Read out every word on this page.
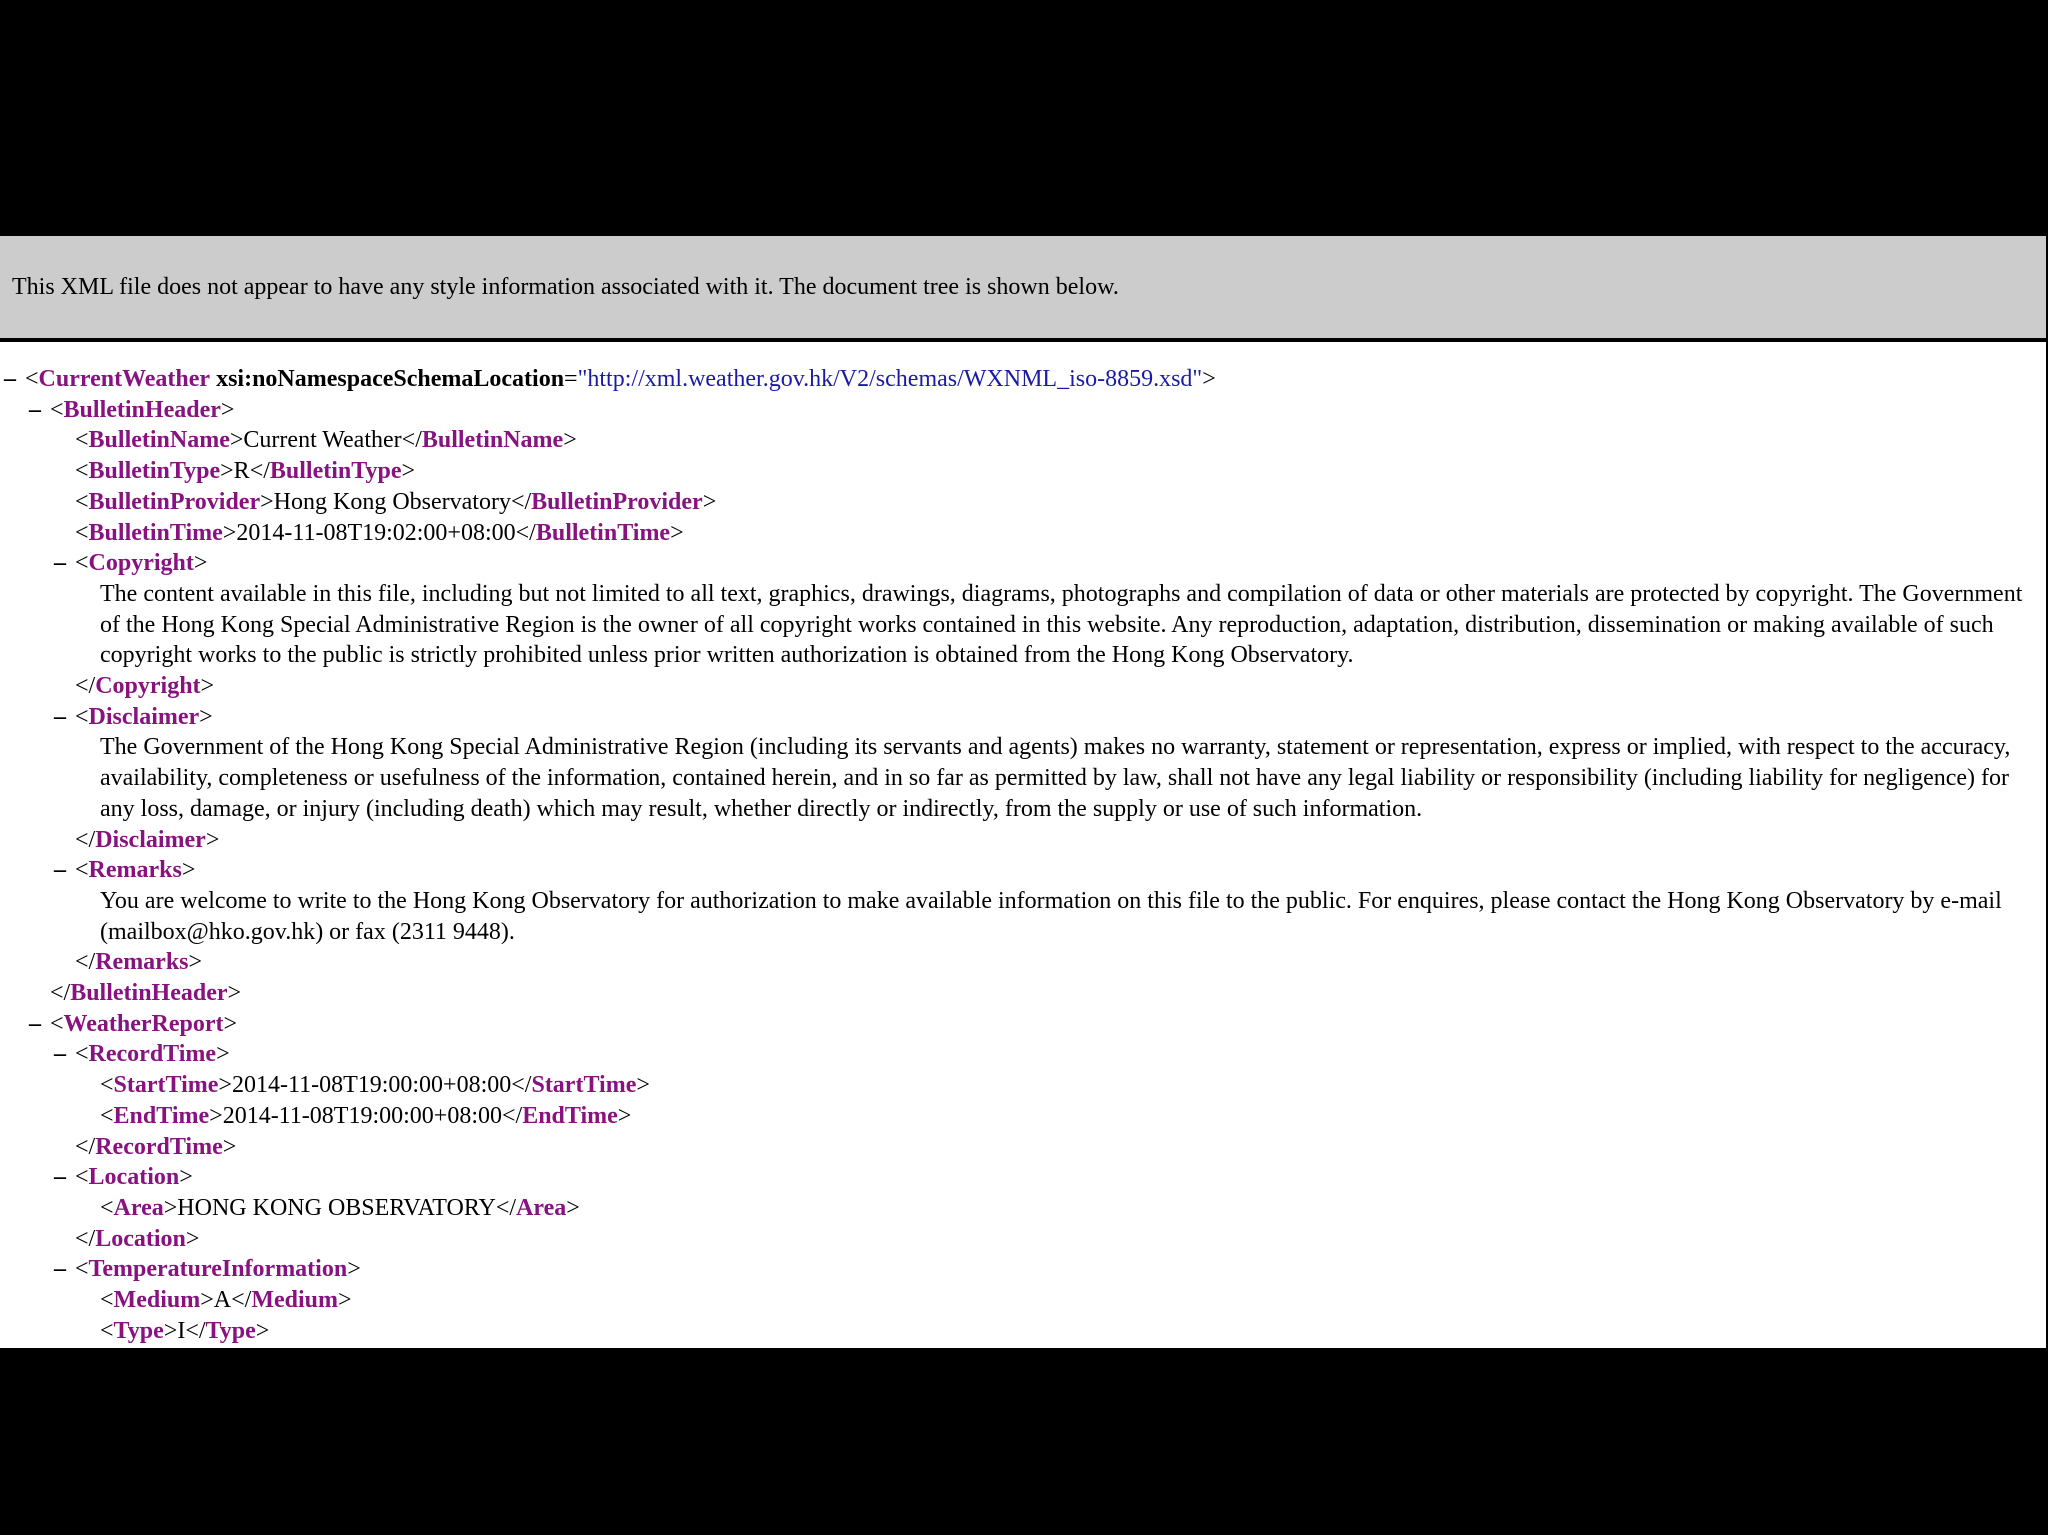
This XML file does not appear to have any style information associated with it. The document tree is shown below.
– <CurrentWeather xsi:noNamespaceSchemaLocation="http://xml.weather.gov.hk/V2/schemas/WXNML_iso-8859.xsd">
– <BulletinHeader>
<BulletinName>Current Weather</BulletinName>
<BulletinType>R</BulletinType>
<BulletinProvider>Hong Kong Observatory</BulletinProvider>
<BulletinTime>2014-11-08T19:02:00+08:00</BulletinTime>
– <Copyright>
The content available in this file, including but not limited to all text, graphics, drawings, diagrams, photographs and compilation of data or other materials are protected by copyright. The Government of the Hong Kong Special Administrative Region is the owner of all copyright works contained in this website. Any reproduction, adaptation, distribution, dissemination or making available of such copyright works to the public is strictly prohibited unless prior written authorization is obtained from the Hong Kong Observatory.
</Copyright>
– <Disclaimer>
The Government of the Hong Kong Special Administrative Region (including its servants and agents) makes no warranty, statement or representation, express or implied, with respect to the accuracy, availability, completeness or usefulness of the information, contained herein, and in so far as permitted by law, shall not have any legal liability or responsibility (including liability for negligence) for any loss, damage, or injury (including death) which may result, whether directly or indirectly, from the supply or use of such information.
</Disclaimer>
– <Remarks>
You are welcome to write to the Hong Kong Observatory for authorization to make available information on this file to the public. For enquires, please contact the Hong Kong Observatory by e-mail (mailbox@hko.gov.hk) or fax (2311 9448).
</Remarks>
</BulletinHeader>
– <WeatherReport>
– <RecordTime>
<StartTime>2014-11-08T19:00:00+08:00</StartTime>
<EndTime>2014-11-08T19:00:00+08:00</EndTime>
</RecordTime>
– <Location>
<Area>HONG KONG OBSERVATORY</Area>
</Location>
– <TemperatureInformation>
<Medium>A</Medium>
<Type>I</Type>
